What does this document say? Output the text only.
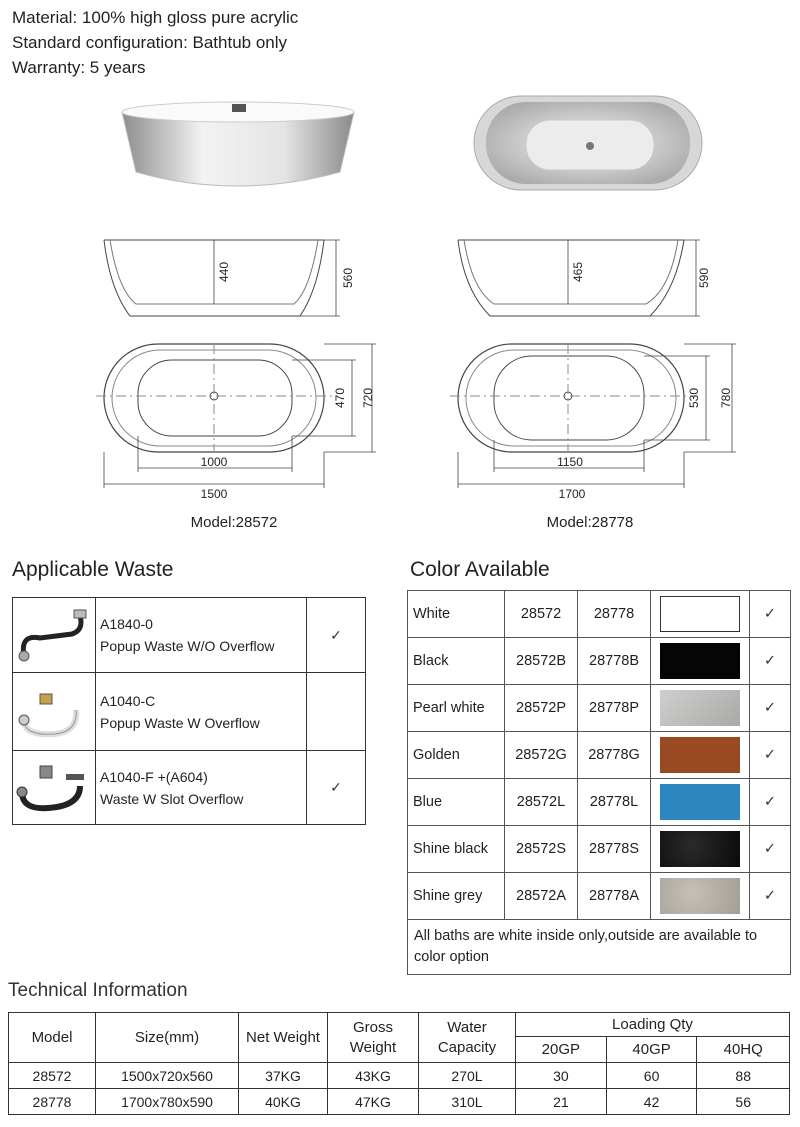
Material: 100% high gloss pure acrylic
Standard configuration: Bathtub only
Warranty: 5 years
440	560	465	590
470 720	530 780
1000
1500
1150
1700
Model:28572	Model:28778
Applicable Waste

A1840-0
Popup Waste W/O Overflow	✓

A1040-C
Popup Waste W Overflow	

A1040-F +(A604)
Waste W Slot Overflow	✓
Color Available
White	28572	28778		✓
Black	28572B	28778B		✓
Pearl white	28572P	28778P		✓
Golden	28572G	28778G		✓
Blue	28572L	28778L		✓
Shine black	28572S	28778S		✓
Shine grey	28572A	28778A		✓
All baths are white inside only,outside are available to color option				
Technical Information
Model	Size(mm)	Net Weight	Gross Weight	Water Capacity	Loading Qty		
					20GP	40GP	40HQ
28572	1500x720x560	37KG	43KG	270L	30	60	88
28778	1700x780x590	40KG	47KG	310L	21	42	56
